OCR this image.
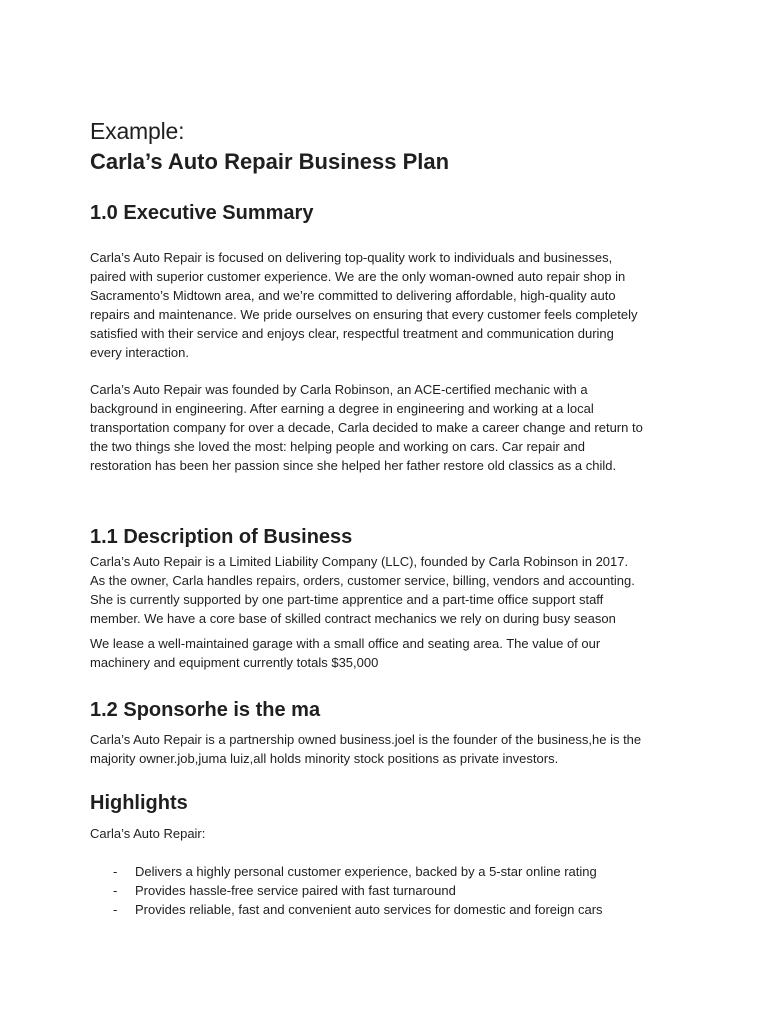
Example:
Carla’s Auto Repair Business Plan
1.0 Executive Summary

Carla’s Auto Repair is focused on delivering top-quality work to individuals and businesses,
paired with superior customer experience. We are the only woman-owned auto repair shop in
Sacramento’s Midtown area, and we’re committed to delivering affordable, high-quality auto
repairs and maintenance. We pride ourselves on ensuring that every customer feels completely
satisfied with their service and enjoys clear, respectful treatment and communication during
every interaction.

Carla’s Auto Repair was founded by Carla Robinson, an ACE-certified mechanic with a
background in engineering. After earning a degree in engineering and working at a local
transportation company for over a decade, Carla decided to make a career change and return to
the two things she loved the most: helping people and working on cars. Car repair and
restoration has been her passion since she helped her father restore old classics as a child.

1.1 Description of Business

Carla’s Auto Repair is a Limited Liability Company (LLC), founded by Carla Robinson in 2017.
As the owner, Carla handles repairs, orders, customer service, billing, vendors and accounting.
She is currently supported by one part-time apprentice and a part-time office support staff
member. We have a core base of skilled contract mechanics we rely on during busy season

We lease a well-maintained garage with a small office and seating area. The value of our
machinery and equipment currently totals $35,000

1.2 Sponsorhe is the ma

Carla’s Auto Repair is a partnership owned business.joel is the founder of the business,he is the
majority owner.job,juma luiz,all holds minority stock positions as private investors.

Highlights

Carla’s Auto Repair:

- Delivers a highly personal customer experience, backed by a 5-star online rating
- Provides hassle-free service paired with fast turnaround
- Provides reliable, fast and convenient auto services for domestic and foreign cars
